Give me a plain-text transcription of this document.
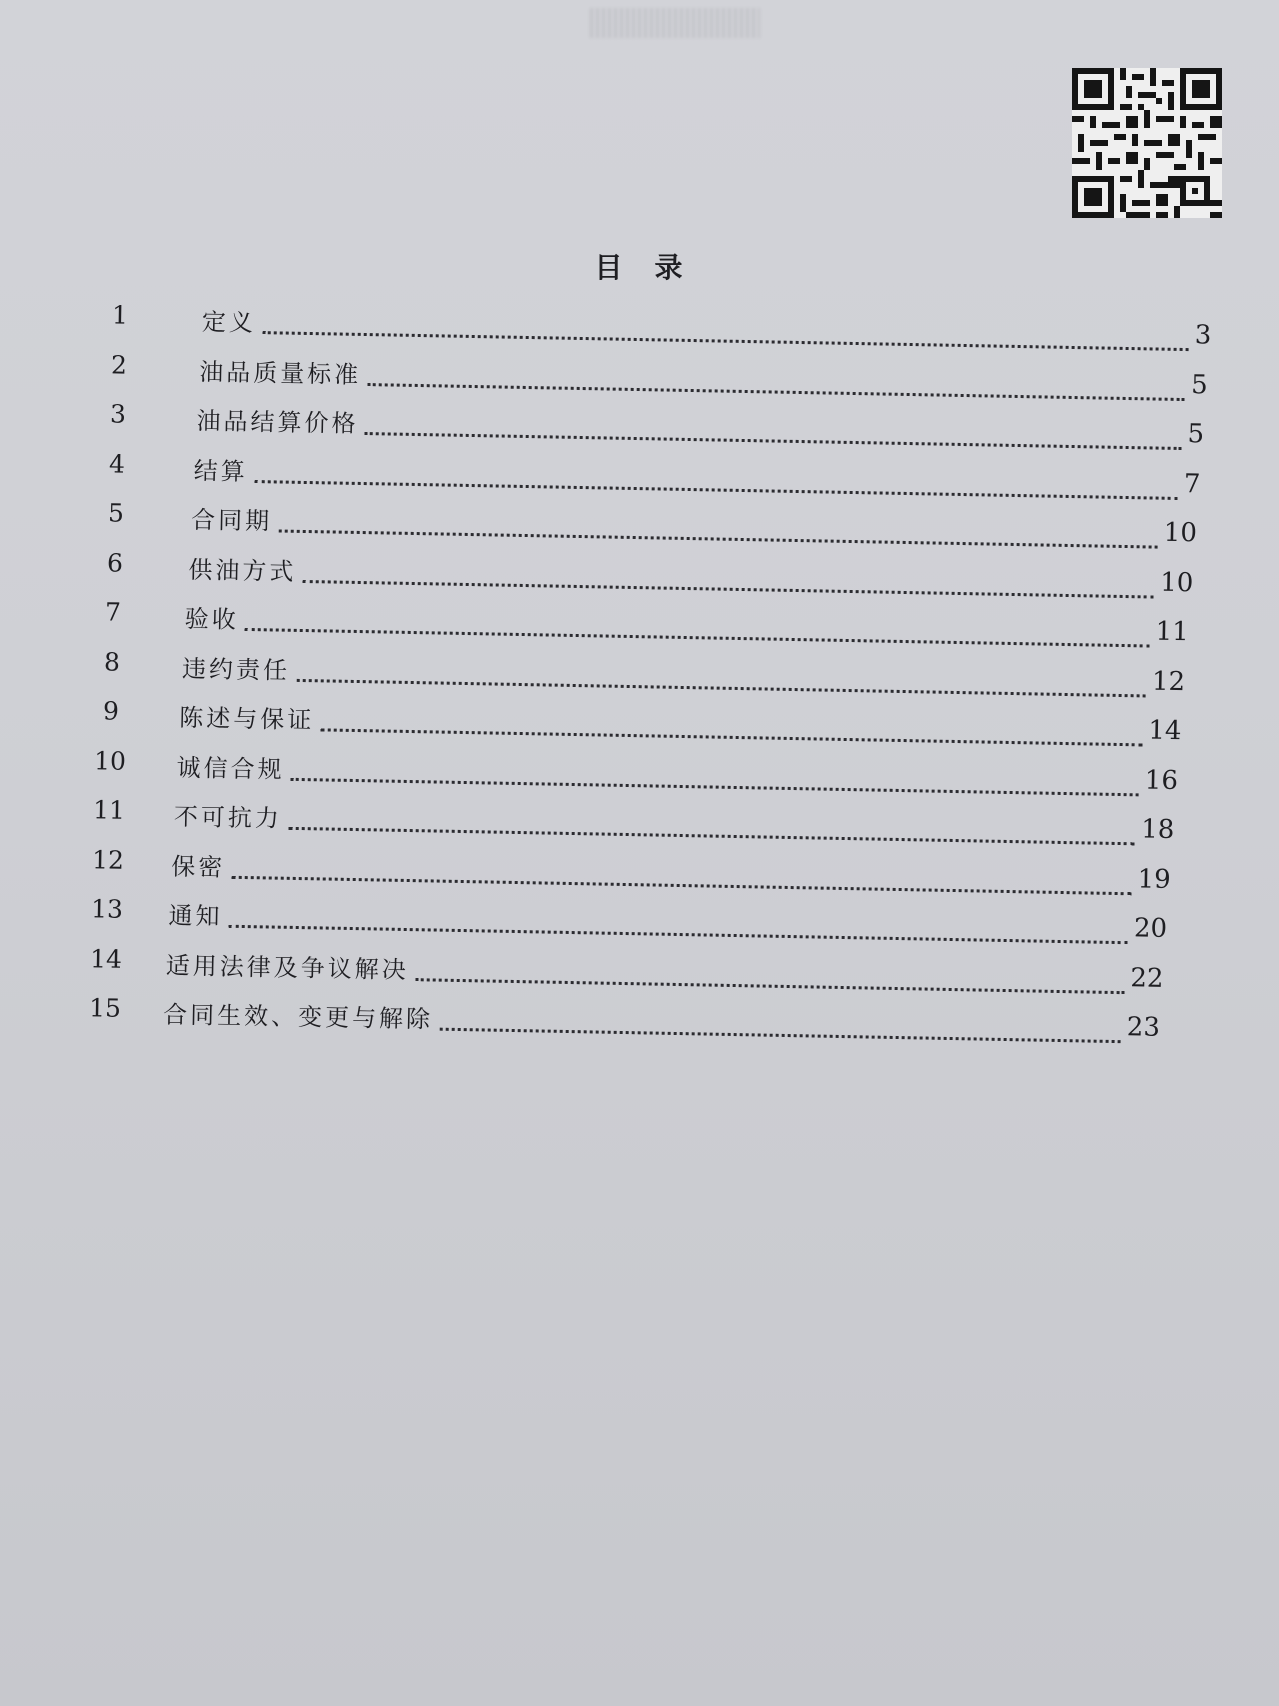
目　录
1	定义	3
2	油品质量标准	5
3	油品结算价格	5
4	结算	7
5	合同期	10
6	供油方式	10
7	验收	11
8	违约责任	12
9	陈述与保证	14
10	诚信合规	16
11	不可抗力	18
12	保密	19
13	通知	20
14	适用法律及争议解决	22
15	合同生效、变更与解除	23
